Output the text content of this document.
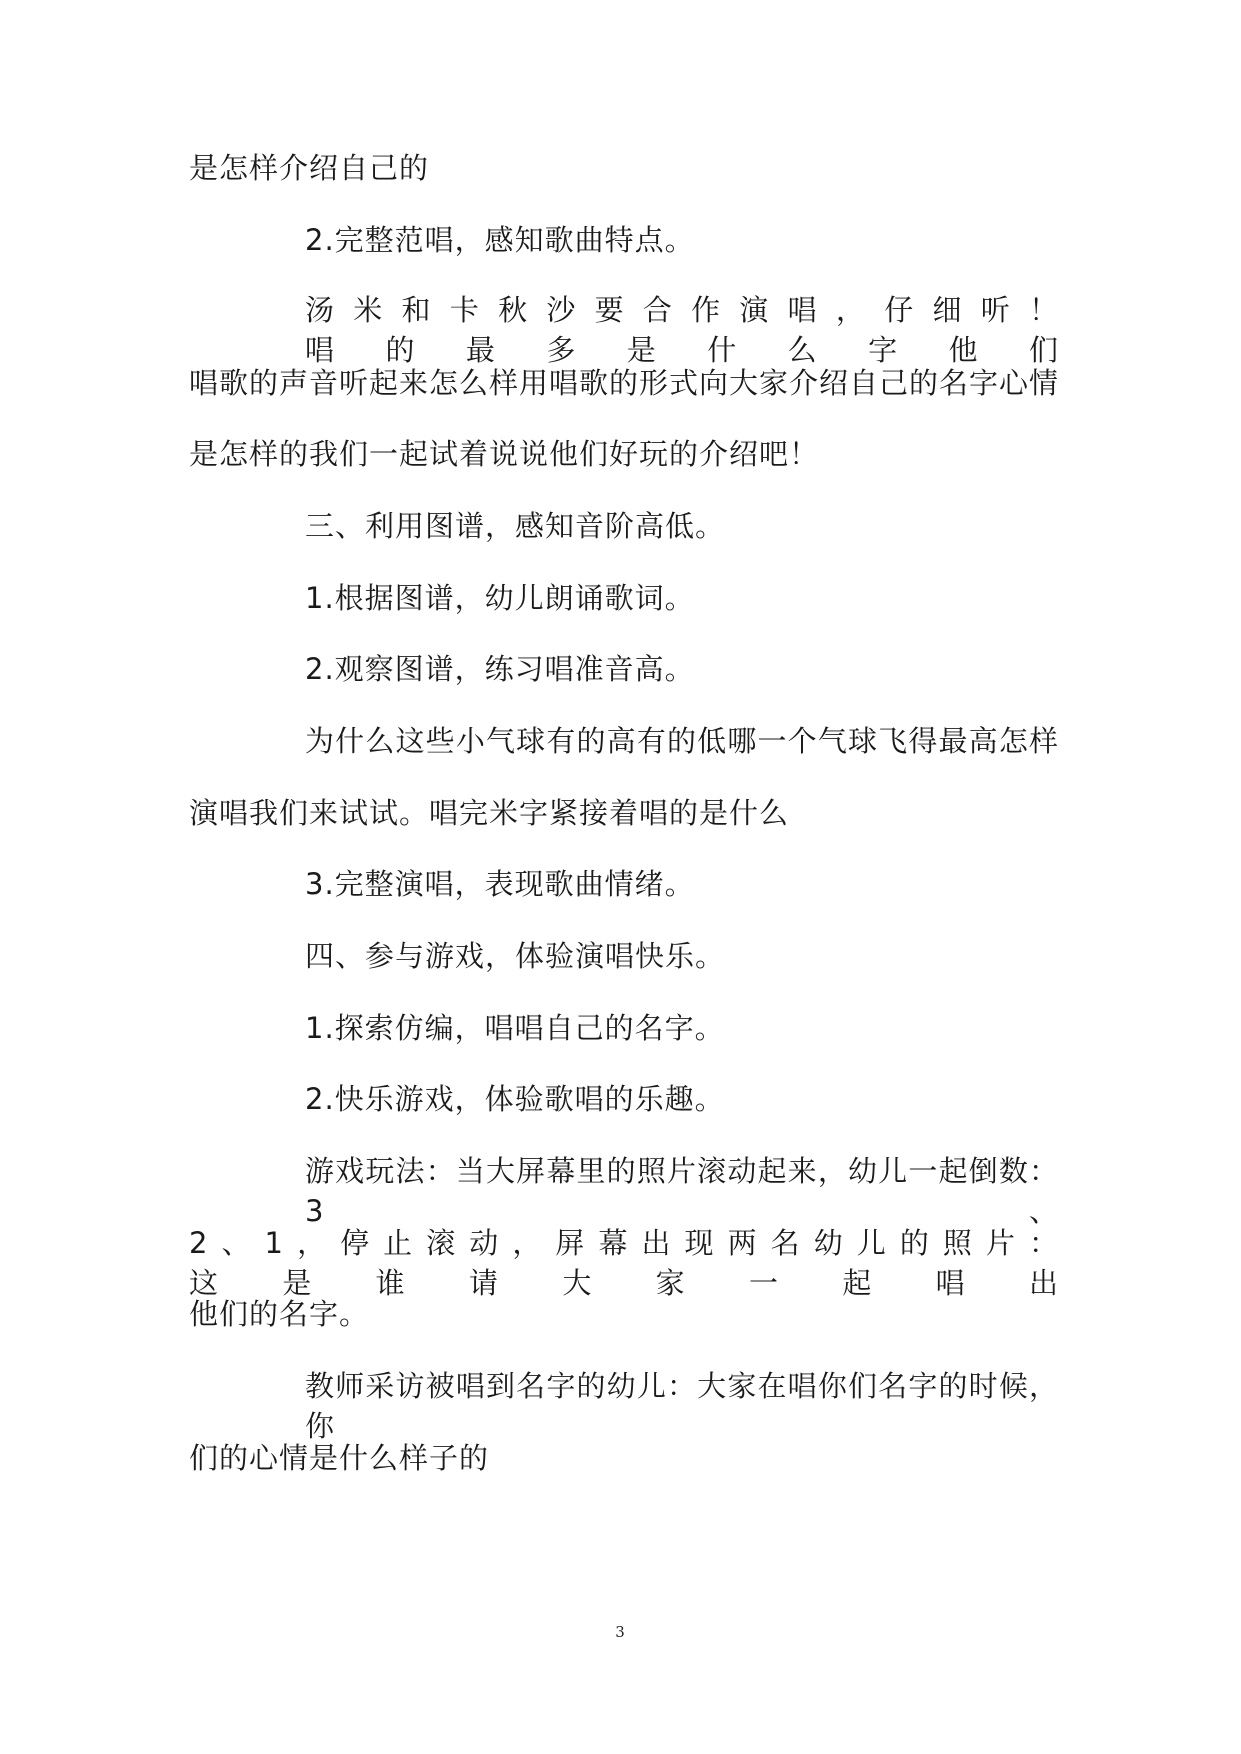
是怎样介绍自己的
2.完整范唱，感知歌曲特点。
汤米和卡秋沙要合作演唱，仔细听！唱的最多是什么字他们
唱歌的声音听起来怎么样用唱歌的形式向大家介绍自己的名字心情
是怎样的我们一起试着说说他们好玩的介绍吧！
三、利用图谱，感知音阶高低。
1.根据图谱，幼儿朗诵歌词。
2.观察图谱，练习唱准音高。
为什么这些小气球有的高有的低哪一个气球飞得最高怎样
演唱我们来试试。唱完米字紧接着唱的是什么
3.完整演唱，表现歌曲情绪。
四、参与游戏，体验演唱快乐。
1.探索仿编，唱唱自己的名字。
2.快乐游戏，体验歌唱的乐趣。
游戏玩法：当大屏幕里的照片滚动起来，幼儿一起倒数：3、
2、1，停止滚动，屏幕出现两名幼儿的照片：这是谁请大家一起唱出
他们的名字。
教师采访被唱到名字的幼儿：大家在唱你们名字的时候，你
们的心情是什么样子的
3
